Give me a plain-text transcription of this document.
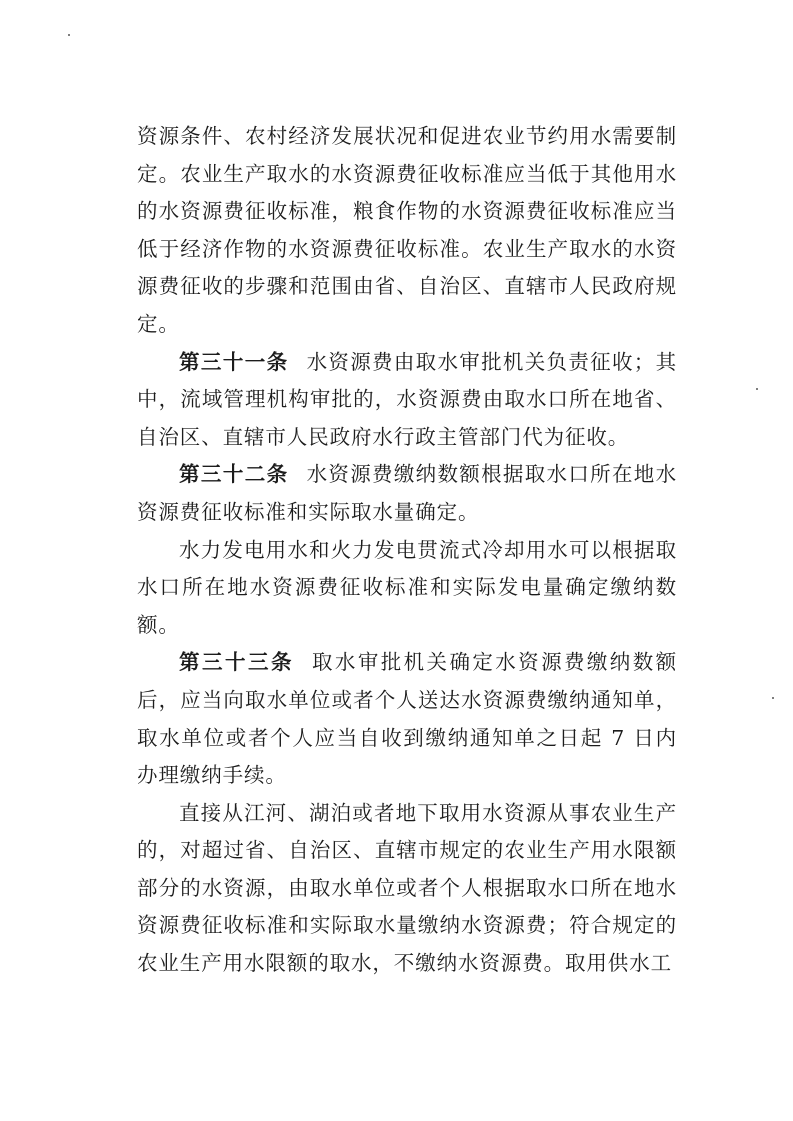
资源条件、农村经济发展状况和促进农业节约用水需要制定。农业生产取水的水资源费征收标准应当低于其他用水的水资源费征收标准，粮食作物的水资源费征收标准应当低于经济作物的水资源费征收标准。农业生产取水的水资源费征收的步骤和范围由省、自治区、直辖市人民政府规定。

第三十一条 水资源费由取水审批机关负责征收；其中，流域管理机构审批的，水资源费由取水口所在地省、自治区、直辖市人民政府水行政主管部门代为征收。

第三十二条 水资源费缴纳数额根据取水口所在地水资源费征收标准和实际取水量确定。

水力发电用水和火力发电贯流式冷却用水可以根据取水口所在地水资源费征收标准和实际发电量确定缴纳数额。

第三十三条 取水审批机关确定水资源费缴纳数额后，应当向取水单位或者个人送达水资源费缴纳通知单，取水单位或者个人应当自收到缴纳通知单之日起 7 日内办理缴纳手续。

直接从江河、湖泊或者地下取用水资源从事农业生产的，对超过省、自治区、直辖市规定的农业生产用水限额部分的水资源，由取水单位或者个人根据取水口所在地水资源费征收标准和实际取水量缴纳水资源费；符合规定的农业生产用水限额的取水，不缴纳水资源费。取用供水工
